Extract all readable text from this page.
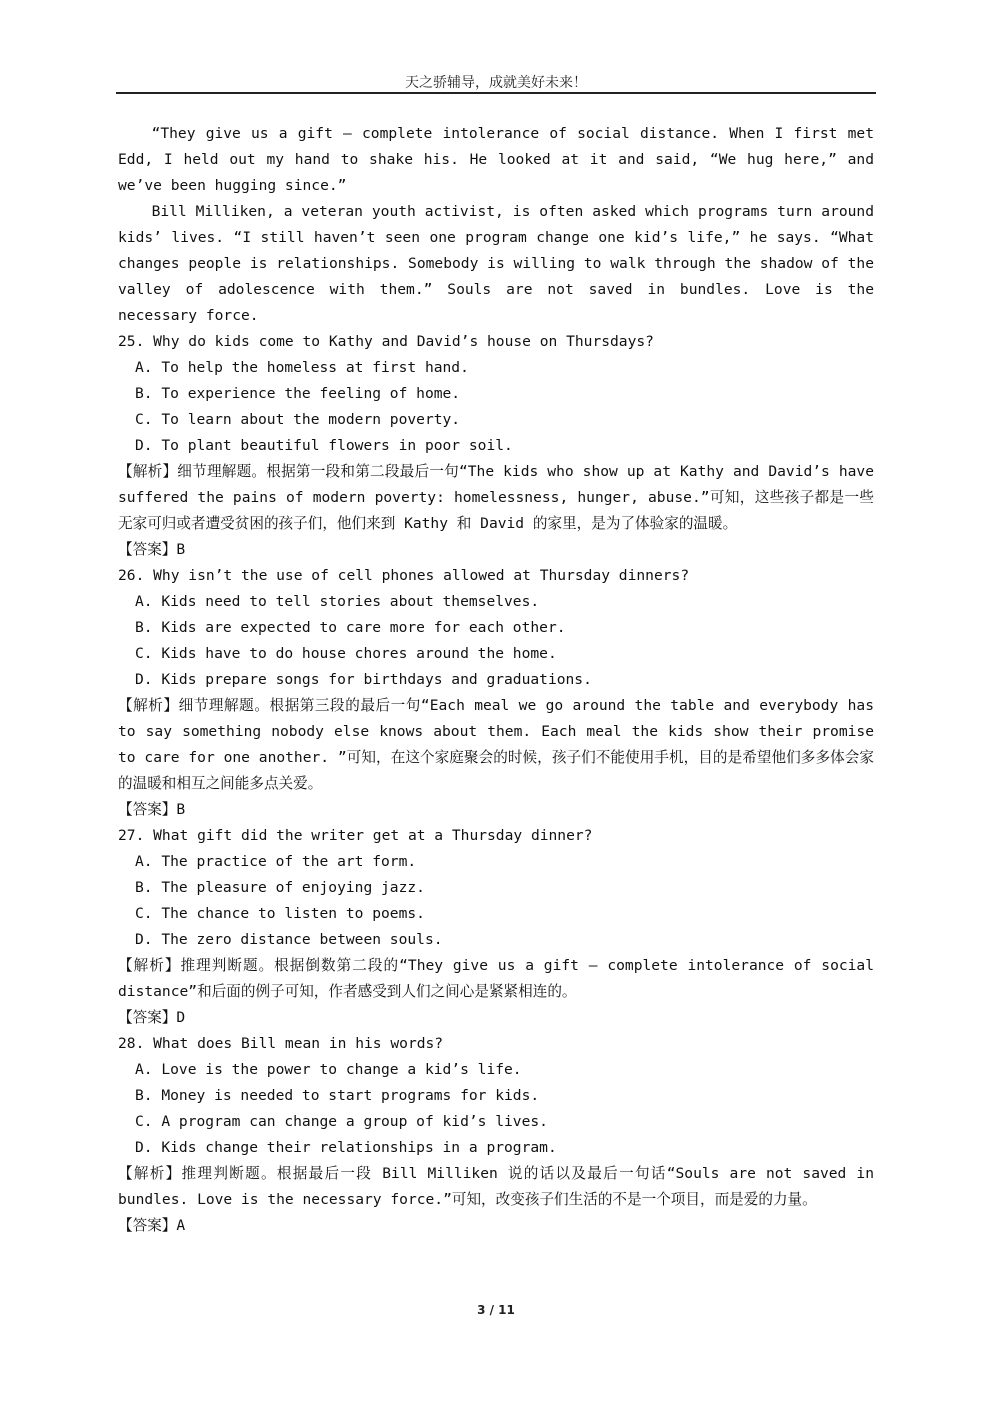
天之骄辅导，成就美好未来！

“They give us a gift — complete intolerance of social distance. When I first met Edd, I held out my hand to shake his. He looked at it and said, “We hug here,” and we’ve been hugging since.”

Bill Milliken, a veteran youth activist, is often asked which programs turn around kids’ lives. “I still haven’t seen one program change one kid’s life,” he says. “What changes people is relationships. Somebody is willing to walk through the shadow of the valley of adolescence with them.” Souls are not saved in bundles. Love is the necessary force.

25. Why do kids come to Kathy and David’s house on Thursdays?
A. To help the homeless at first hand.
B. To experience the feeling of home.
C. To learn about the modern poverty.
D. To plant beautiful flowers in poor soil.
【解析】细节理解题。根据第一段和第二段最后一句“The kids who show up at Kathy and David’s have suffered the pains of modern poverty: homelessness, hunger, abuse.”可知，这些孩子都是一些无家可归或者遭受贫困的孩子们，他们来到 Kathy 和 David 的家里，是为了体验家的温暖。
【答案】B
26. Why isn’t the use of cell phones allowed at Thursday dinners?
A. Kids need to tell stories about themselves.
B. Kids are expected to care more for each other.
C. Kids have to do house chores around the home.
D. Kids prepare songs for birthdays and graduations.
【解析】细节理解题。根据第三段的最后一句“Each meal we go around the table and everybody has to say something nobody else knows about them. Each meal the kids show their promise to care for one another. ”可知，在这个家庭聚会的时候，孩子们不能使用手机，目的是希望他们多多体会家的温暖和相互之间能多点关爱。
【答案】B
27. What gift did the writer get at a Thursday dinner?
A. The practice of the art form.
B. The pleasure of enjoying jazz.
C. The chance to listen to poems.
D. The zero distance between souls.
【解析】推理判断题。根据倒数第二段的“They give us a gift — complete intolerance of social distance”和后面的例子可知，作者感受到人们之间心是紧紧相连的。
【答案】D
28. What does Bill mean in his words?
A. Love is the power to change a kid’s life.
B. Money is needed to start programs for kids.
C. A program can change a group of kid’s lives.
D. Kids change their relationships in a program.
【解析】推理判断题。根据最后一段 Bill Milliken 说的话以及最后一句话“Souls are not saved in bundles. Love is the necessary force.”可知，改变孩子们生活的不是一个项目，而是爱的力量。
【答案】A
3 / 11
